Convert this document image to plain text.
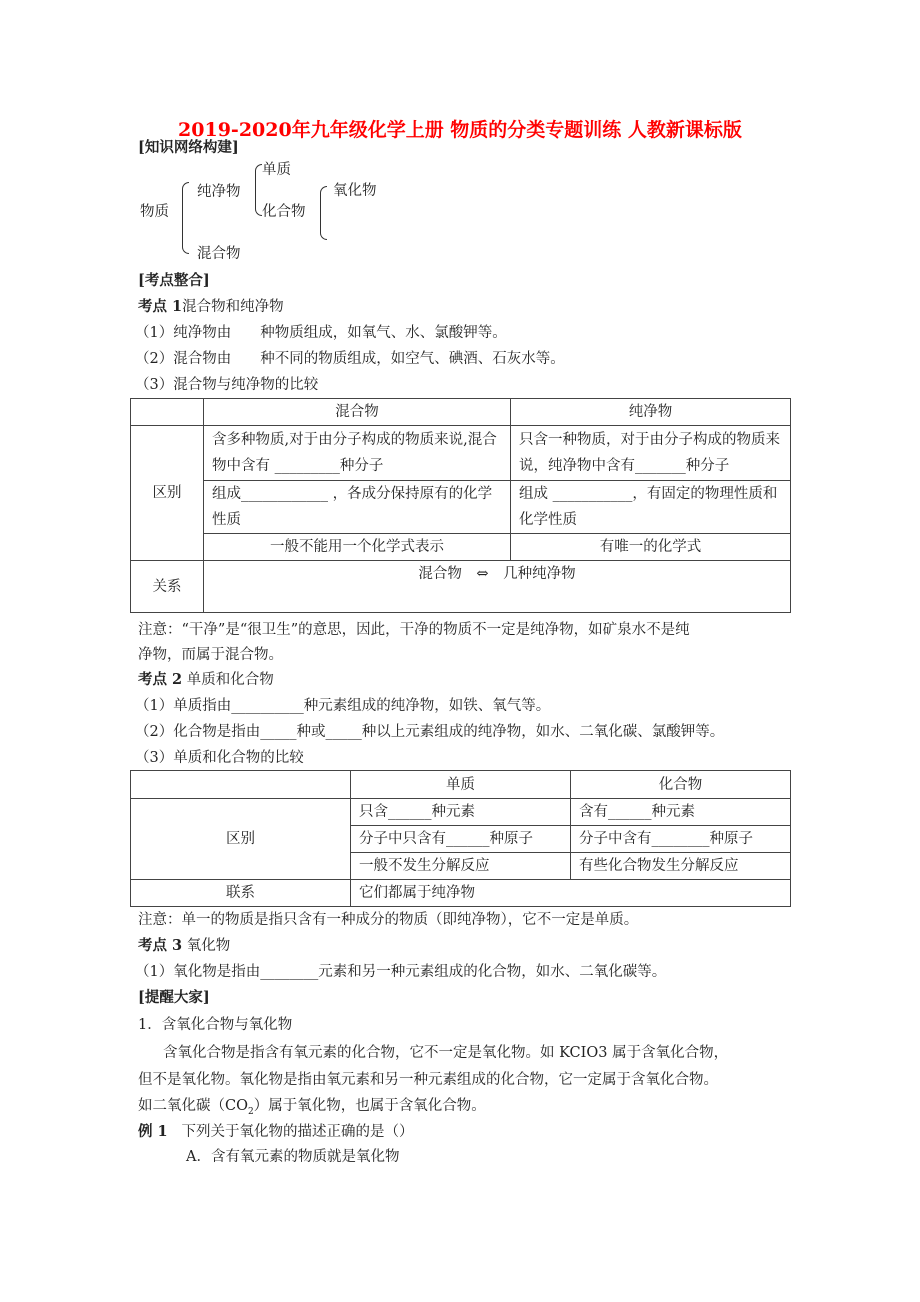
2019-2020年九年级化学上册 物质的分类专题训练 人教新课标版
[知识网络构建]
物质
纯净物
混合物
单质
化合物
氧化物
[考点整合]
考点 1混合物和纯净物
（1）纯净物由　　种物质组成，如氧气、水、氯酸钾等。
（2）混合物由　　种不同的物质组成，如空气、碘酒、石灰水等。
（3）混合物与纯净物的比较
	混合物	纯净物
区别	含多种物质,对于由分子构成的物质来说,混合物中含有 _________种分子	只含一种物质，对于由分子构成的物质来说，纯净物中含有_______种分子
	组成____________ ，各成分保持原有的化学性质	组成 ___________，有固定的物理性质和化学性质
	一般不能用一个化学式表示	有唯一的化学式
关系	混合物　⇔　几种纯净物	
注意：“干净”是“很卫生”的意思，因此，干净的物质不一定是纯净物，如矿泉水不是纯
净物，而属于混合物。
考点 2 单质和化合物
（1）单质指由__________种元素组成的纯净物，如铁、氧气等。
（2）化合物是指由_____种或_____种以上元素组成的纯净物，如水、二氧化碳、氯酸钾等。
（3）单质和化合物的比较
	单质	化合物
区别	只含______种元素	含有______种元素
	分子中只含有______种原子	分子中含有________种原子
	一般不发生分解反应	有些化合物发生分解反应
联系	它们都属于纯净物	
注意：单一的物质是指只含有一种成分的物质（即纯净物），它不一定是单质。
考点 3 氧化物
（1）氧化物是指由________元素和另一种元素组成的化合物，如水、二氧化碳等。
[提醒大家]
1．含氧化合物与氧化物
含氧化合物是指含有氧元素的化合物，它不一定是氧化物。如 KCIO3 属于含氧化合物，
但不是氧化物。氧化物是指由氧元素和另一种元素组成的化合物，它一定属于含氧化合物。
如二氧化碳$(CO_2)$属于氧化物，也属于含氧化合物。
例 1 下列关于氧化物的描述正确的是（）
A．含有氧元素的物质就是氧化物
